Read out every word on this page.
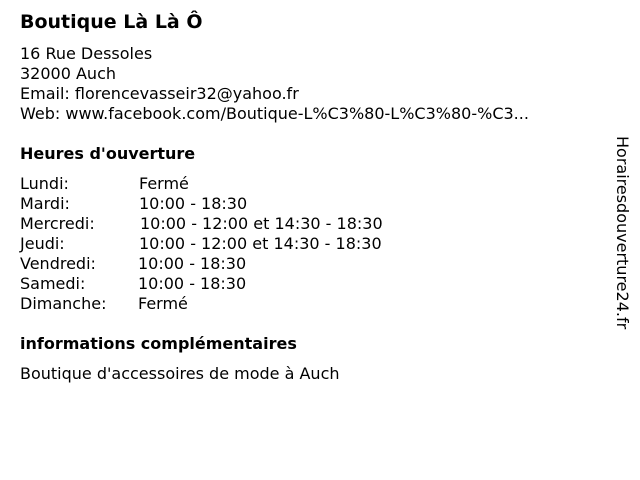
Boutique Là Là Ô
16 Rue Dessoles
32000 Auch
Email: florencevasseir32@yahoo.fr
Web: www.facebook.com/Boutique-L%C3%80-L%C3%80-%C3...
Heures d'ouverture
Lundi:	Fermé
Mardi:	10:00 - 18:30
Mercredi:	10:00 - 12:00 et 14:30 - 18:30
Jeudi:	10:00 - 12:00 et 14:30 - 18:30
Vendredi:	10:00 - 18:30
Samedi:	10:00 - 18:30
Dimanche: Fermé
informations complémentaires
Boutique d'accessoires de mode à Auch
Horairesdouverture24.fr
